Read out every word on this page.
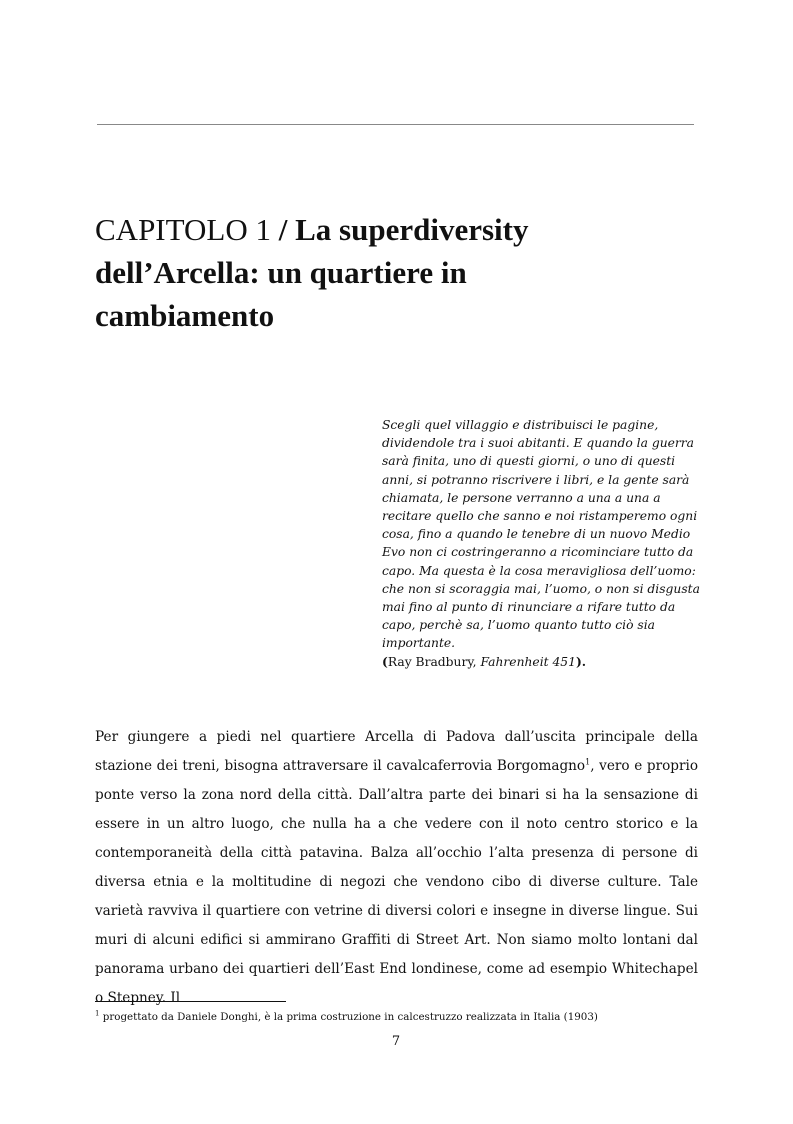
CAPITOLO 1 / La superdiversity dell’Arcella: un quartiere in cambiamento
Scegli quel villaggio e distribuisci le pagine, dividendole tra i suoi abitanti. E quando la guerra sarà finita, uno di questi giorni, o uno di questi anni, si potranno riscrivere i libri, e la gente sarà chiamata, le persone verranno a una a una a recitare quello che sanno e noi ristamperemo ogni cosa, fino a quando le tenebre di un nuovo Medio Evo non ci costringeranno a ricominciare tutto da capo. Ma questa è la cosa meravigliosa dell’uomo: che non si scoraggia mai, l’uomo, o non si disgusta mai fino al punto di rinunciare a rifare tutto da capo, perchè sa, l’uomo quanto tutto ciò sia importante.
(Ray Bradbury, Fahrenheit 451).
Per giungere a piedi nel quartiere Arcella di Padova dall’uscita principale della stazione dei treni, bisogna attraversare il cavalcaferrovia Borgomagno$^1$, vero e proprio ponte verso la zona nord della città. Dall’altra parte dei binari si ha la sensazione di essere in un altro luogo, che nulla ha a che vedere con il noto centro storico e la contemporaneità della città patavina. Balza all’occhio l’alta presenza di persone di diversa etnia e la moltitudine di negozi che vendono cibo di diverse culture. Tale varietà ravviva il quartiere con vetrine di diversi colori e insegne in diverse lingue. Sui muri di alcuni edifici si ammirano Graffiti di Street Art. Non siamo molto lontani dal panorama urbano dei quartieri dell’East End londinese, come ad esempio Whitechapel o Stepney. Il
$^1$ progettato da Daniele Donghi, è la prima costruzione in calcestruzzo realizzata in Italia (1903)
7
